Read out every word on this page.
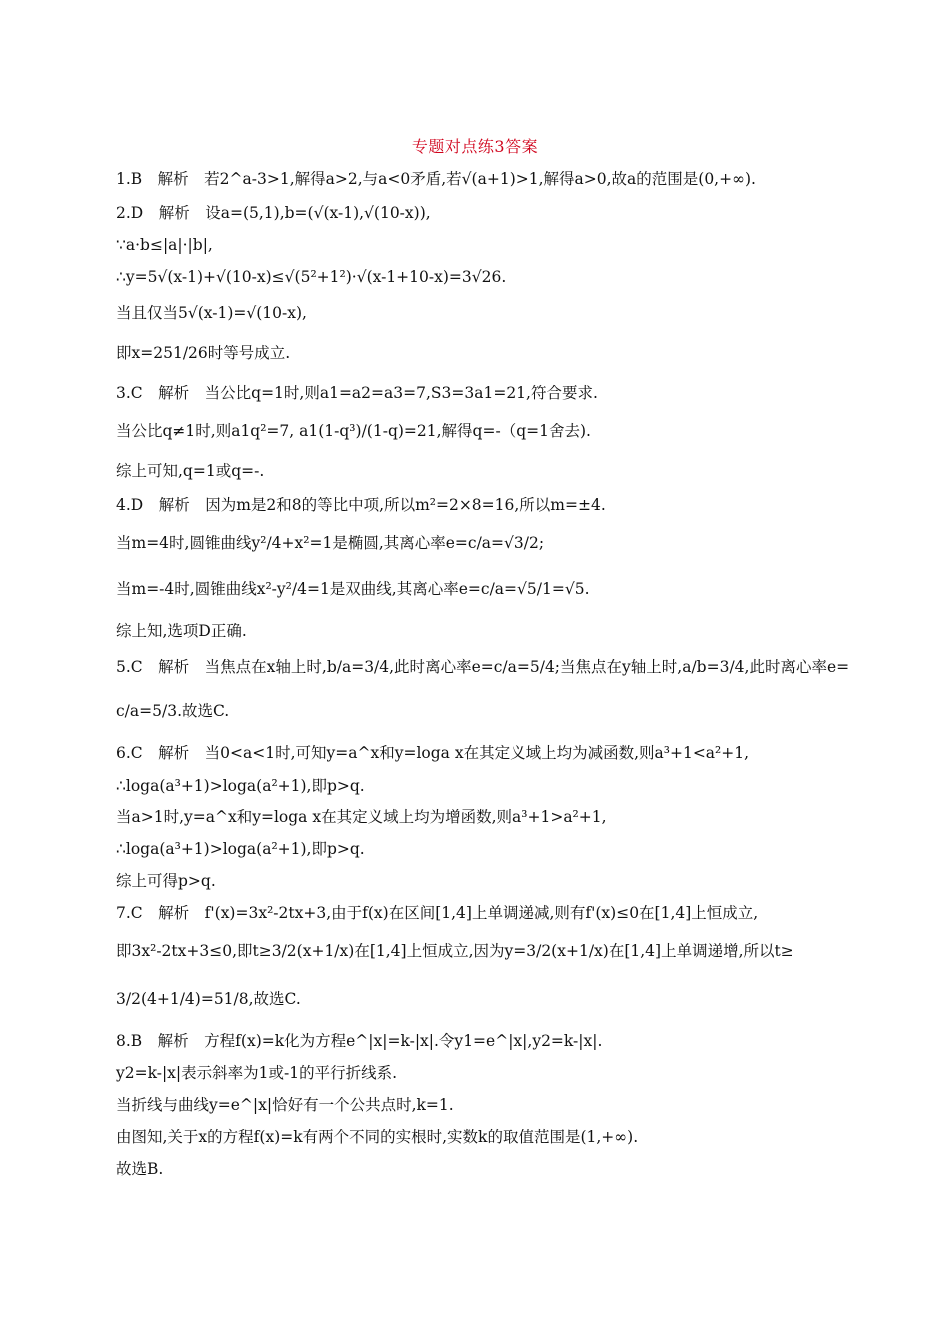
专题对点练3答案
1.B　解析　若2^a-3>1,解得a>2,与a<0矛盾,若√(a+1)>1,解得a>0,故a的范围是(0,+∞).
2.D　解析　设a=(5,1),b=(√(x-1),√(10-x)),
∵a·b≤|a|·|b|,
∴y=5√(x-1)+√(10-x)≤√(5²+1²)·√(x-1+10-x)=3√26.
当且仅当5√(x-1)=√(10-x),
即x=251/26时等号成立.
3.C　解析　当公比q=1时,则a1=a2=a3=7,S3=3a1=21,符合要求.
当公比q≠1时,则a1q²=7, a1(1-q³)/(1-q)=21,解得q=-（q=1舍去).
综上可知,q=1或q=-.
4.D　解析　因为m是2和8的等比中项,所以m²=2×8=16,所以m=±4.
当m=4时,圆锥曲线y²/4+x²=1是椭圆,其离心率e=c/a=√3/2;
当m=-4时,圆锥曲线x²-y²/4=1是双曲线,其离心率e=c/a=√5/1=√5.
综上知,选项D正确.
5.C　解析　当焦点在x轴上时,b/a=3/4,此时离心率e=c/a=5/4;当焦点在y轴上时,a/b=3/4,此时离心率e=
c/a=5/3.故选C.
6.C　解析　当0<a<1时,可知y=a^x和y=loga x在其定义域上均为减函数,则a³+1<a²+1,
∴loga(a³+1)>loga(a²+1),即p>q.
当a>1时,y=a^x和y=loga x在其定义域上均为增函数,则a³+1>a²+1,
∴loga(a³+1)>loga(a²+1),即p>q.
综上可得p>q.
7.C　解析　f'(x)=3x²-2tx+3,由于f(x)在区间[1,4]上单调递减,则有f'(x)≤0在[1,4]上恒成立,
即3x²-2tx+3≤0,即t≥3/2(x+1/x)在[1,4]上恒成立,因为y=3/2(x+1/x)在[1,4]上单调递增,所以t≥
3/2(4+1/4)=51/8,故选C.
8.B　解析　方程f(x)=k化为方程e^|x|=k-|x|.令y1=e^|x|,y2=k-|x|.
y2=k-|x|表示斜率为1或-1的平行折线系.
当折线与曲线y=e^|x|恰好有一个公共点时,k=1.
由图知,关于x的方程f(x)=k有两个不同的实根时,实数k的取值范围是(1,+∞).
故选B.
